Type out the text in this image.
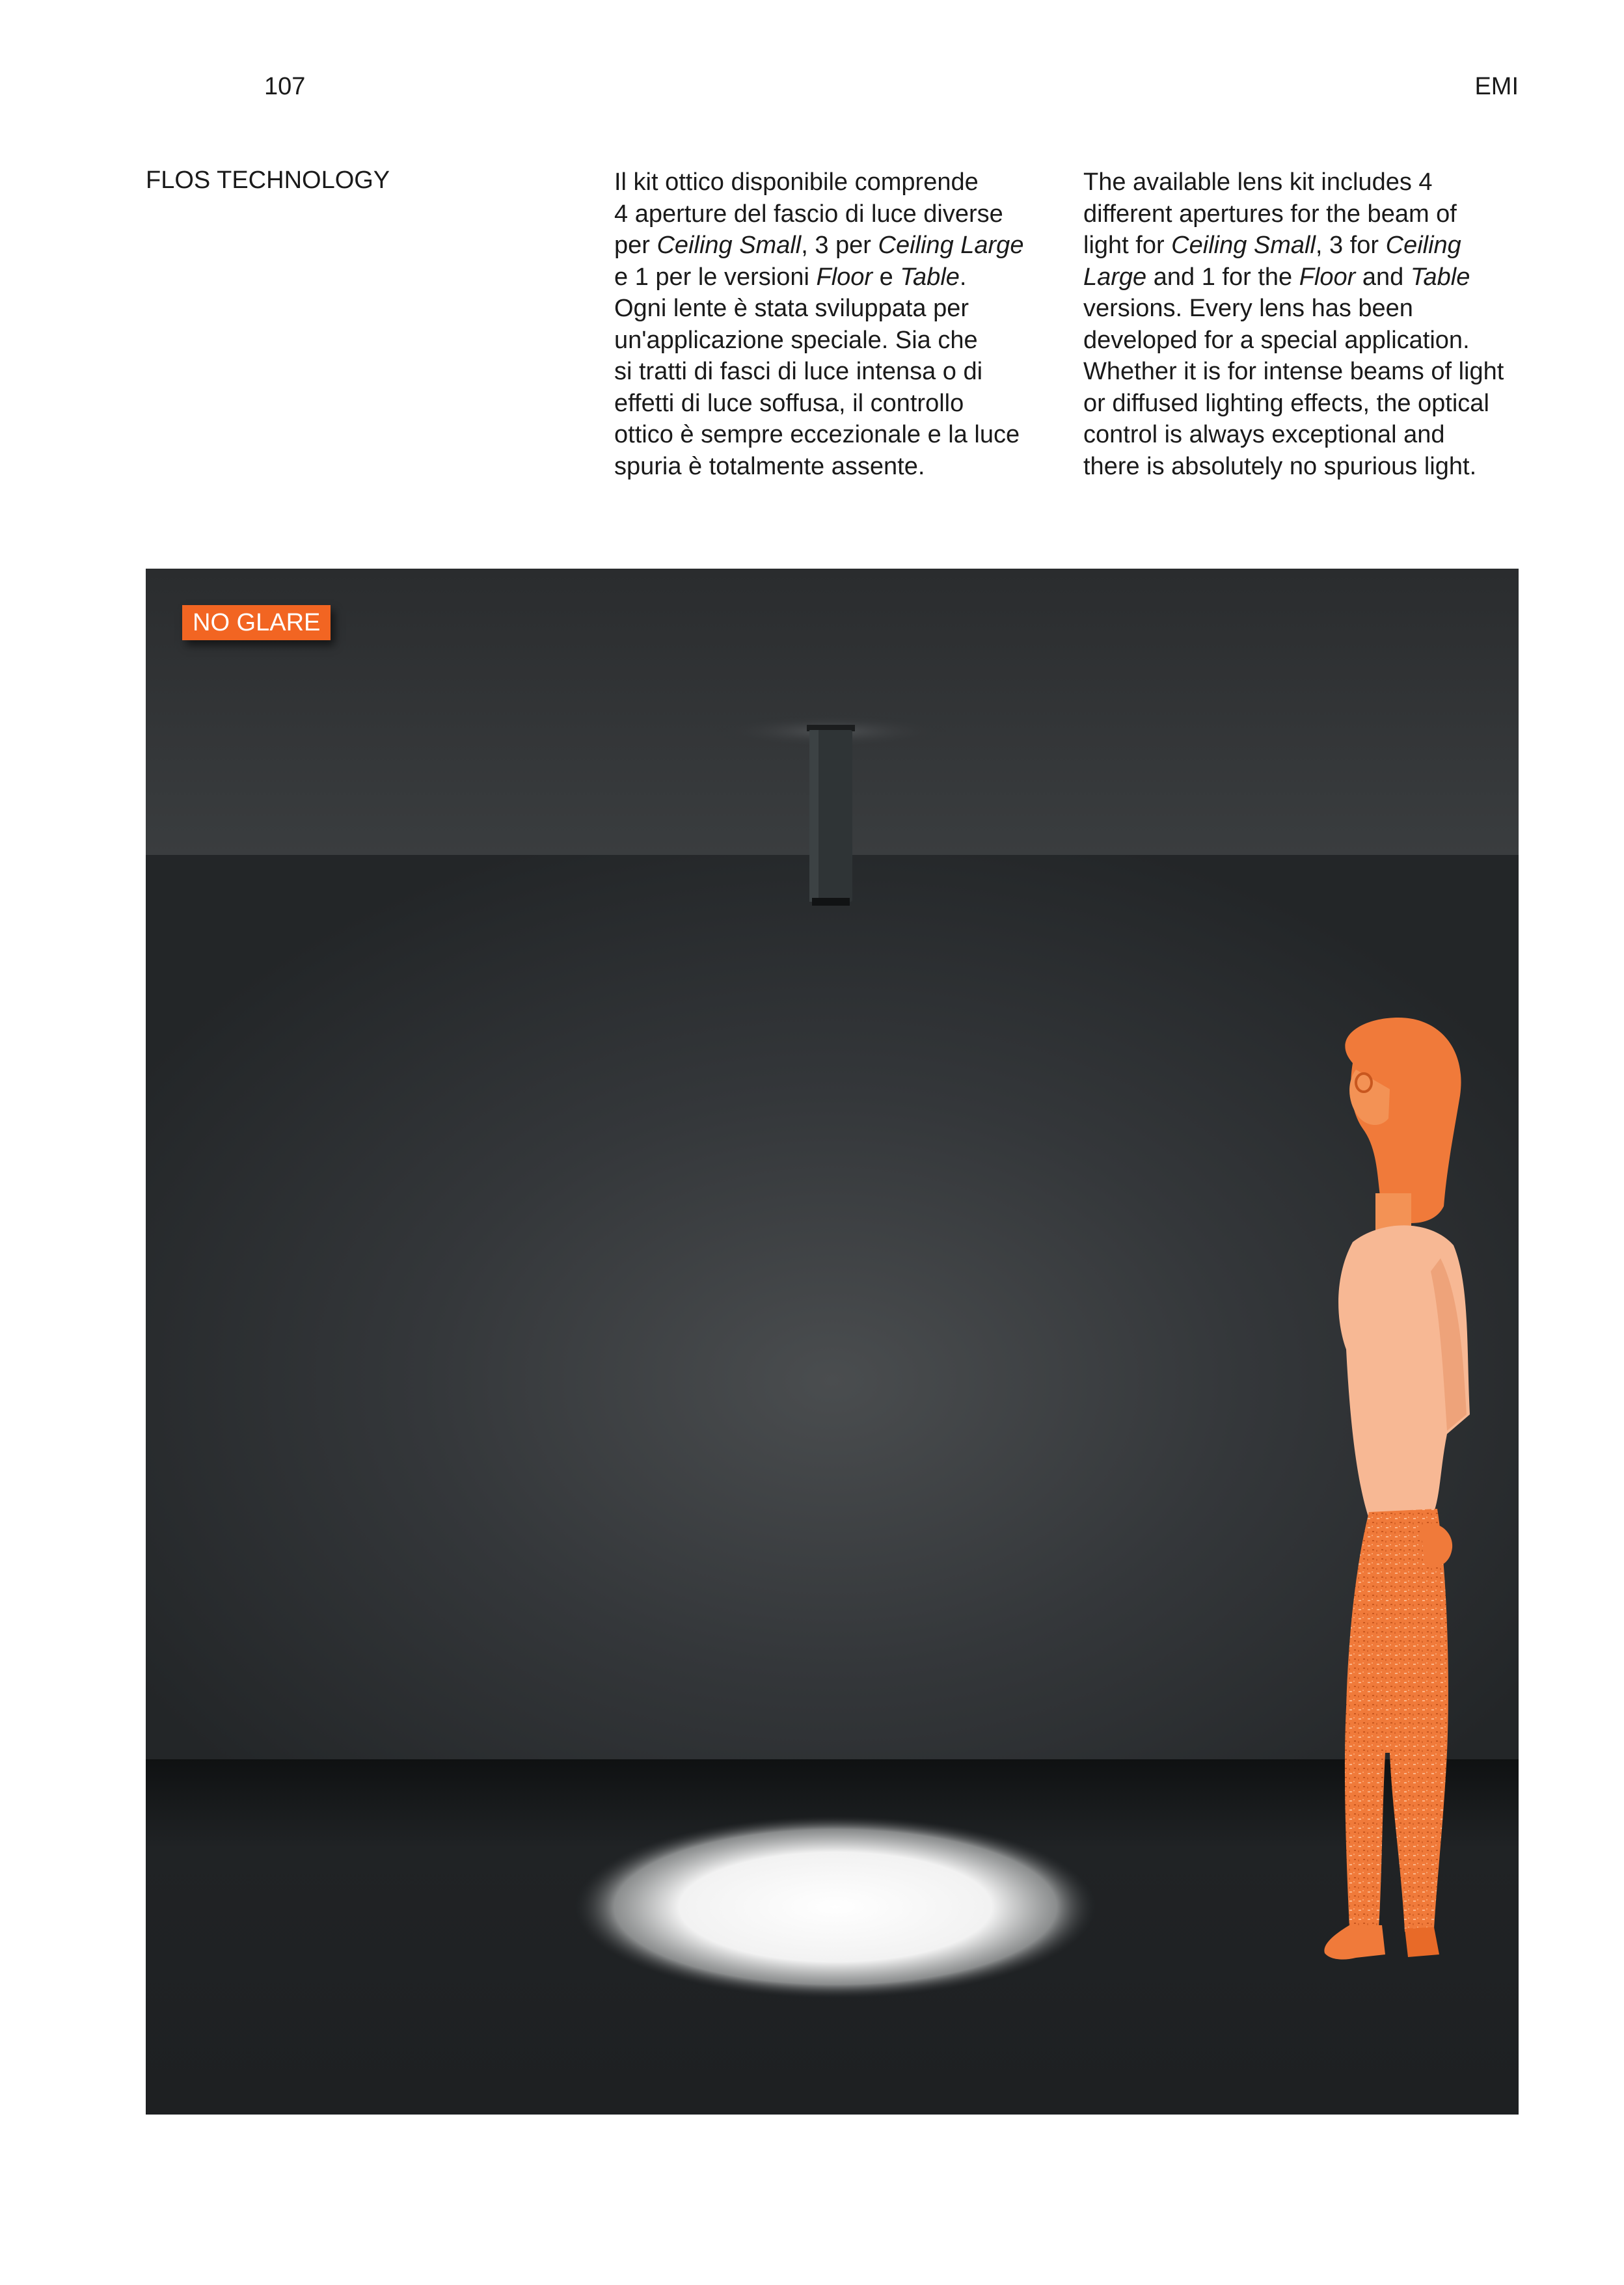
107	EMI
FLOS TECHNOLOGY	Il kit ottico disponibile comprende

4 aperture del fascio di luce diverse

per Ceiling Small, 3 per Ceiling Large

e 1 per le versioni Floor e Table.

Ogni lente è stata sviluppata per

un'applicazione speciale. Sia che

si tratti di fasci di luce intensa o di

effetti di luce soffusa, il controllo

ottico è sempre eccezionale e la luce

spuria è totalmente assente.

The available lens kit includes 4

different apertures for the beam of

light for Ceiling Small, 3 for Ceiling

Large and 1 for the Floor and Table

versions. Every lens has been

developed for a special application.

Whether it is for intense beams of light

or diffused lighting effects, the optical

control is always exceptional and

there is absolutely no spurious light.

NO GLARE
